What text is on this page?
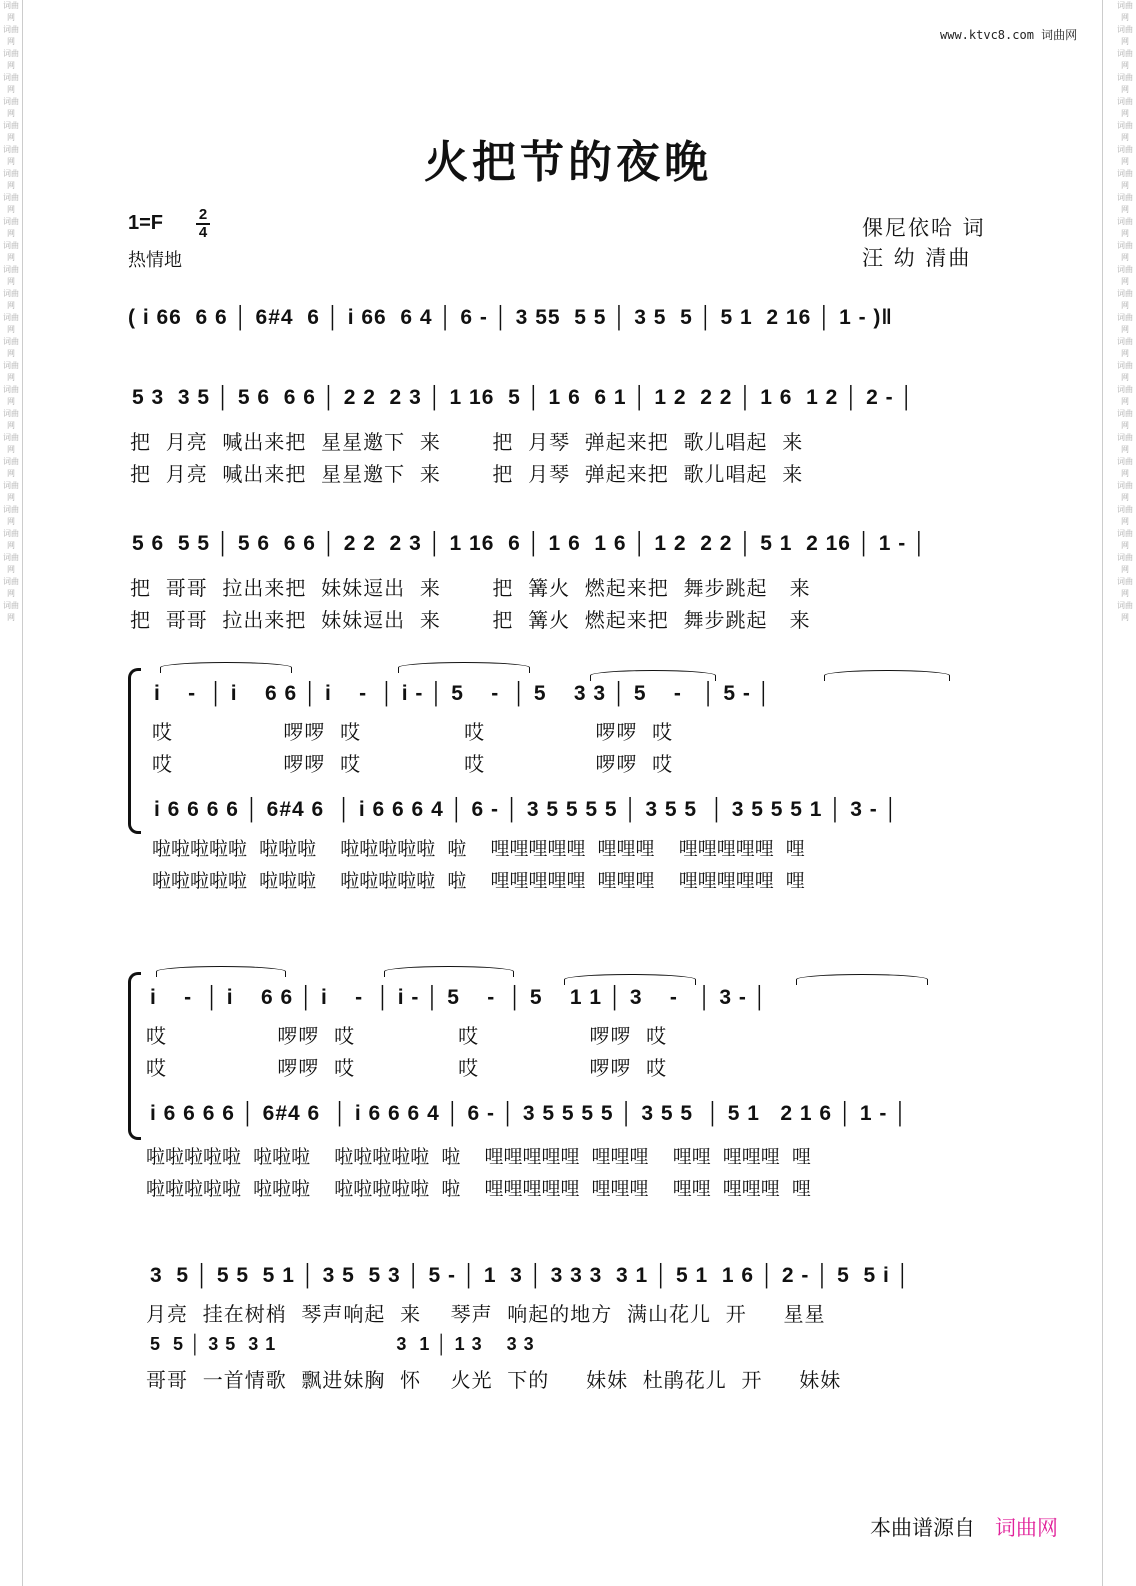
词曲网 词曲网 词曲网 词曲网 词曲网 词曲网 词曲网 词曲网 词曲网 词曲网 词曲网 词曲网 词曲网 词曲网 词曲网 词曲网 词曲网 词曲网 词曲网 词曲网 词曲网 词曲网 词曲网 词曲网 词曲网 词曲网
词曲网 词曲网 词曲网 词曲网 词曲网 词曲网 词曲网 词曲网 词曲网 词曲网 词曲网 词曲网 词曲网 词曲网 词曲网 词曲网 词曲网 词曲网 词曲网 词曲网 词曲网 词曲网 词曲网 词曲网 词曲网 词曲网
www.ktvc8.com 词曲网
火把节的夜晚
1=F 2
4
热情地
倮尼依哈 词
汪 幼 清曲
( i 66  6 6 │ 6#4  6 │ i 66  6 4 │ 6 - │ 3 55  5 5 │ 3 5  5 │ 5 1  2 16 │ 1 - )‖
5 3  3 5 │ 5 6  6 6 │ 2 2  2 3 │ 1 16  5 │ 1 6  6 1 │ 1 2  2 2 │ 1 6  1 2 │ 2 - │
把  月亮  喊出来把  星星邀下  来       把  月琴  弹起来把  歌儿唱起  来
把  月亮  喊出来把  星星邀下  来       把  月琴  弹起来把  歌儿唱起  来
5 6  5 5 │ 5 6  6 6 │ 2 2  2 3 │ 1 16  6 │ 1 6  1 6 │ 1 2  2 2 │ 5 1  2 16 │ 1 - │
把  哥哥  拉出来把  妹妹逗出  来       把  篝火  燃起来把  舞步跳起   来
把  哥哥  拉出来把  妹妹逗出  来       把  篝火  燃起来把  舞步跳起   来
i    -  │ i    6 6 │ i    -  │ i - │ 5    -  │ 5    3 3 │ 5    -   │ 5 - │
哎               啰啰  哎              哎               啰啰  哎
哎               啰啰  哎              哎               啰啰  哎
i 6 6 6 6 │ 6#4 6  │ i 6 6 6 4 │ 6 - │ 3 5 5 5 5 │ 3 5 5  │ 3 5 5 5 1 │ 3 - │
啦啦啦啦啦  啦啦啦    啦啦啦啦啦  啦    哩哩哩哩哩  哩哩哩    哩哩哩哩哩  哩
啦啦啦啦啦  啦啦啦    啦啦啦啦啦  啦    哩哩哩哩哩  哩哩哩    哩哩哩哩哩  哩
i    -  │ i    6 6 │ i    -  │ i - │ 5    -  │ 5    1 1 │ 3    -   │ 3 - │
哎               啰啰  哎              哎               啰啰  哎
哎               啰啰  哎              哎               啰啰  哎
i 6 6 6 6 │ 6#4 6  │ i 6 6 6 4 │ 6 - │ 3 5 5 5 5 │ 3 5 5  │ 5 1   2 1 6 │ 1 - │
啦啦啦啦啦  啦啦啦    啦啦啦啦啦  啦    哩哩哩哩哩  哩哩哩    哩哩  哩哩哩  哩
啦啦啦啦啦  啦啦啦    啦啦啦啦啦  啦    哩哩哩哩哩  哩哩哩    哩哩  哩哩哩  哩
3  5 │ 5 5  5 1 │ 3 5  5 3 │ 5 - │ 1  3 │ 3 3 3  3 1 │ 5 1  1 6 │ 2 - │ 5  5 i │
月亮  挂在树梢  琴声响起  来    琴声  响起的地方  满山花儿  开     星星
5  5 │ 3 5  3 1                    3  1 │ 1 3    3 3
哥哥  一首情歌  飘进妹胸  怀    火光  下的     妹妹  杜鹃花儿  开     妹妹
本曲谱源自 词曲网
